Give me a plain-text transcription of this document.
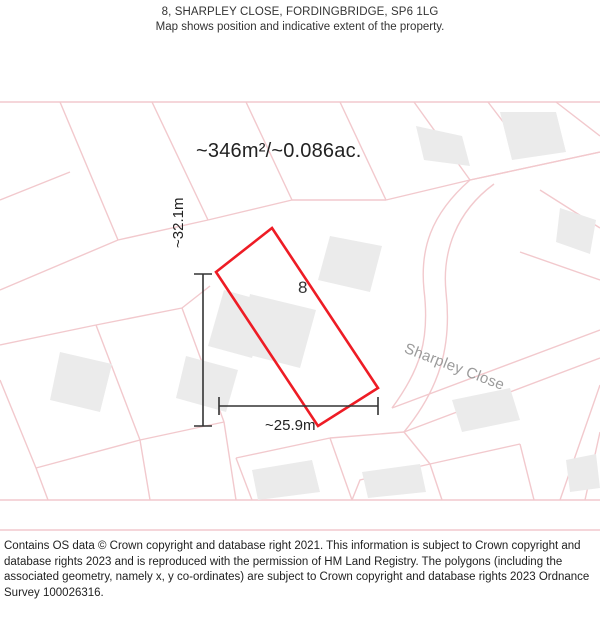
8, SHARPLEY CLOSE, FORDINGBRIDGE, SP6 1LG
Map shows position and indicative extent of the property.
~346m²/~0.086ac.
8
~32.1m
~25.9m
Sharpley Close

Contains OS data © Crown copyright and database right 2021. This information is subject to Crown copyright and database rights 2023 and is reproduced with the permission of HM Land Registry. The polygons (including the associated geometry, namely x, y co-ordinates) are subject to Crown copyright and database rights 2023 Ordnance Survey 100026316.
